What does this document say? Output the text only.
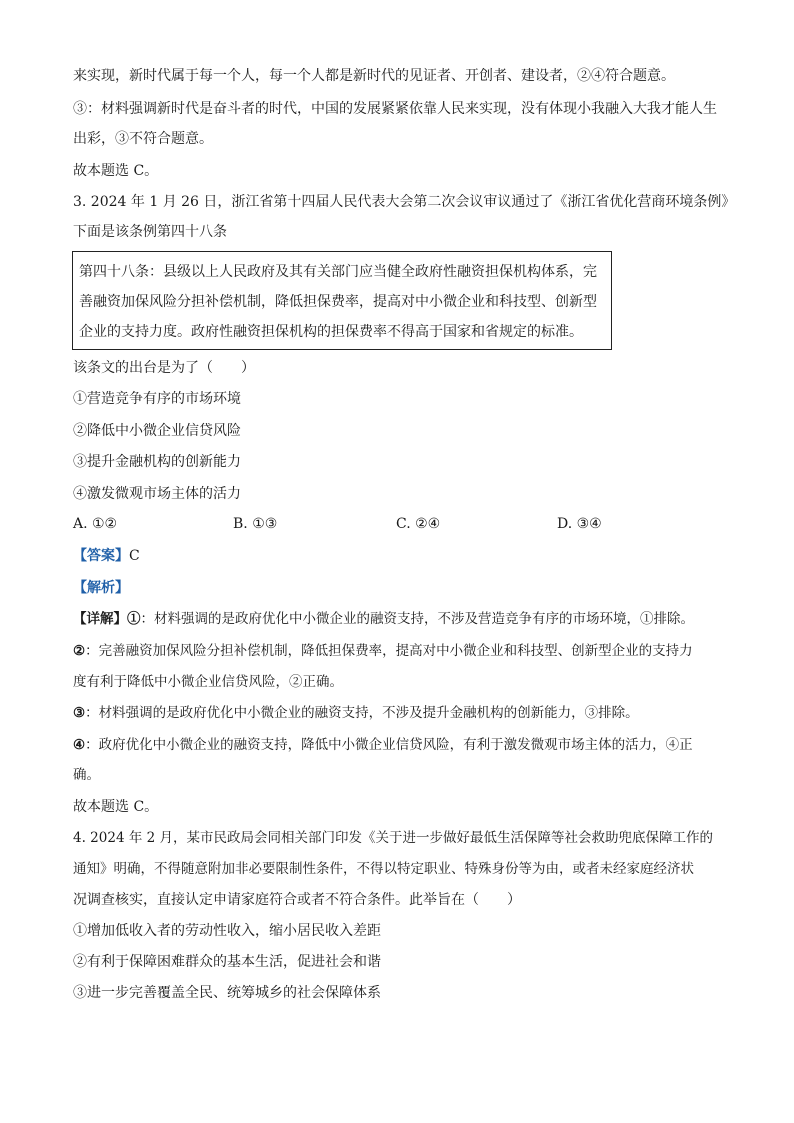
来实现，新时代属于每一个人，每一个人都是新时代的见证者、开创者、建设者，②④符合题意。
③：材料强调新时代是奋斗者的时代，中国的发展紧紧依靠人民来实现，没有体现小我融入大我才能人生
出彩，③不符合题意。
故本题选 C。
3. 2024 年 1 月 26 日，浙江省第十四届人民代表大会第二次会议审议通过了《浙江省优化营商环境条例》
下面是该条例第四十八条
第四十八条：县级以上人民政府及其有关部门应当健全政府性融资担保机构体系，完
善融资加保风险分担补偿机制，降低担保费率，提高对中小微企业和科技型、创新型
企业的支持力度。政府性融资担保机构的担保费率不得高于国家和省规定的标准。
该条文的出台是为了（　　）
①营造竞争有序的市场环境
②降低中小微企业信贷风险
③提升金融机构的创新能力
④激发微观市场主体的活力
A. ①②	B. ①③	C. ②④	D. ③④
【答案】C
【解析】
【详解】①：材料强调的是政府优化中小微企业的融资支持，不涉及营造竞争有序的市场环境，①排除。
②：完善融资加保风险分担补偿机制，降低担保费率，提高对中小微企业和科技型、创新型企业的支持力
度有利于降低中小微企业信贷风险，②正确。
③：材料强调的是政府优化中小微企业的融资支持，不涉及提升金融机构的创新能力，③排除。
④：政府优化中小微企业的融资支持，降低中小微企业信贷风险，有利于激发微观市场主体的活力，④正
确。
故本题选 C。
4. 2024 年 2 月，某市民政局会同相关部门印发《关于进一步做好最低生活保障等社会救助兜底保障工作的
通知》明确，不得随意附加非必要限制性条件，不得以特定职业、特殊身份等为由，或者未经家庭经济状
况调查核实，直接认定申请家庭符合或者不符合条件。此举旨在（　　）
①增加低收入者的劳动性收入，缩小居民收入差距
②有利于保障困难群众的基本生活，促进社会和谐
③进一步完善覆盖全民、统筹城乡的社会保障体系
